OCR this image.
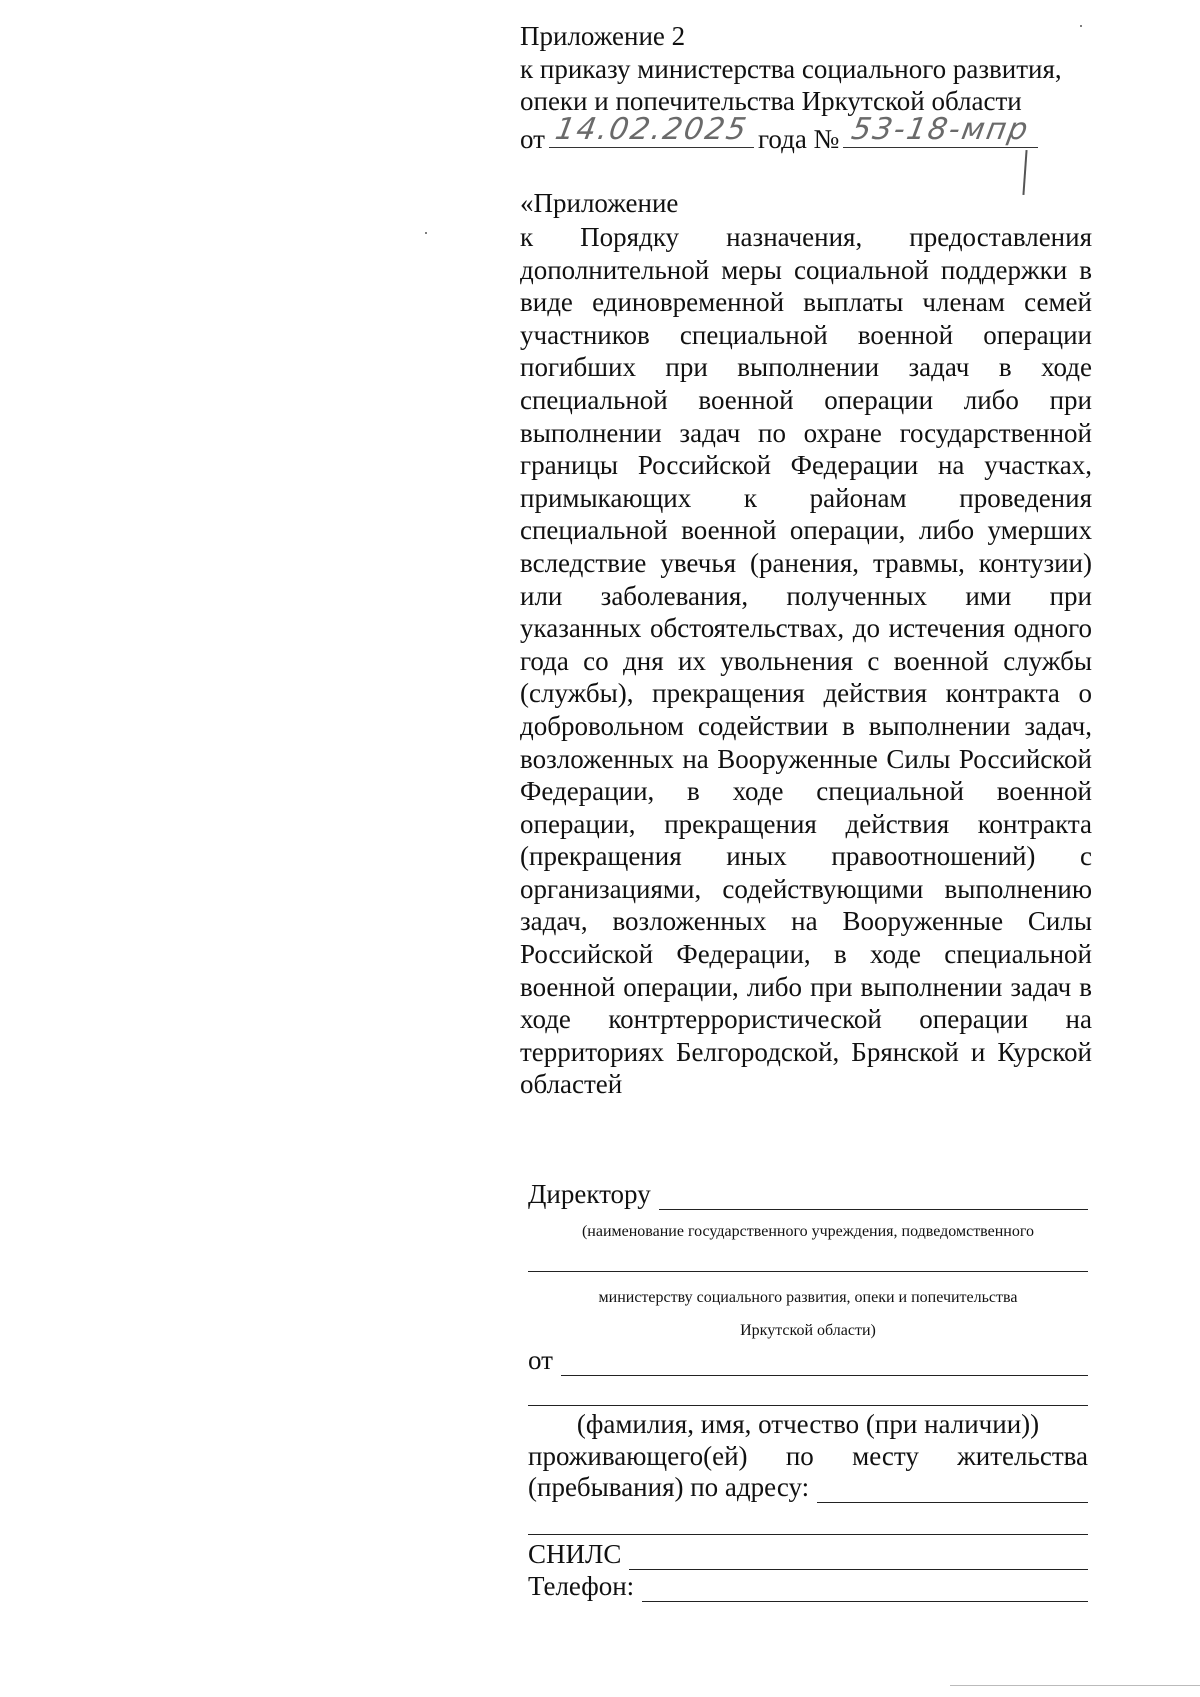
Приложение 2
к приказу министерства социального развития,
опеки и попечительства Иркутской области
от 14.02.2025 года № 53-18-мпр
«Приложение
к Порядку назначения, предоставления дополнительной меры социальной поддержки в виде единовременной выплаты членам семей участников специальной военной операции погибших при выполнении задач в ходе специальной военной операции либо при выполнении задач по охране государственной границы Российской Федерации на участках, примыкающих к районам проведения специальной военной операции, либо умерших вследствие увечья (ранения, травмы, контузии) или заболевания, полученных ими при указанных обстоятельствах, до истечения одного года со дня их увольнения с военной службы (службы), прекращения действия контракта о добровольном содействии в выполнении задач, возложенных на Вооруженные Силы Российской Федерации, в ходе специальной военной операции, прекращения действия контракта (прекращения иных правоотношений) с организациями, содействующими выполнению задач, возложенных на Вооруженные Силы Российской Федерации, в ходе специальной военной операции, либо при выполнении задач в ходе контртеррористической операции на территориях Белгородской, Брянской и Курской областей
Директору
(наименование государственного учреждения, подведомственного
министерству социального развития, опеки и попечительства
Иркутской области)
от
(фамилия, имя, отчество (при наличии))
проживающего(ей) по месту жительства
(пребывания) по адресу:
СНИЛС
Телефон:
